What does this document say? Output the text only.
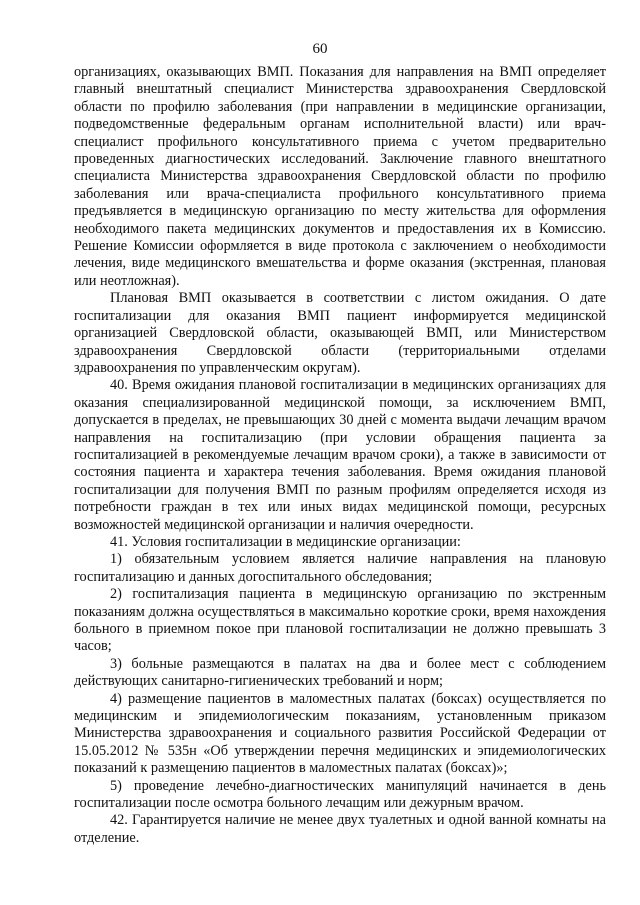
60

организациях, оказывающих ВМП. Показания для направления на ВМП определяет главный внештатный специалист Министерства здравоохранения Свердловской области по профилю заболевания (при направлении в медицинские организации, подведомственные федеральным органам исполнительной власти) или врач-специалист профильного консультативного приема с учетом предварительно проведенных диагностических исследований. Заключение главного внештатного специалиста Министерства здравоохранения Свердловской области по профилю заболевания или врача-специалиста профильного консультативного приема предъявляется в медицинскую организацию по месту жительства для оформления необходимого пакета медицинских документов и предоставления их в Комиссию. Решение Комиссии оформляется в виде протокола с заключением о необходимости лечения, виде медицинского вмешательства и форме оказания (экстренная, плановая или неотложная).

Плановая ВМП оказывается в соответствии с листом ожидания. О дате госпитализации для оказания ВМП пациент информируется медицинской организацией Свердловской области, оказывающей ВМП, или Министерством здравоохранения Свердловской области (территориальными отделами здравоохранения по управленческим округам).

40. Время ожидания плановой госпитализации в медицинских организациях для оказания специализированной медицинской помощи, за исключением ВМП, допускается в пределах, не превышающих 30 дней с момента выдачи лечащим врачом направления на госпитализацию (при условии обращения пациента за госпитализацией в рекомендуемые лечащим врачом сроки), а также в зависимости от состояния пациента и характера течения заболевания. Время ожидания плановой госпитализации для получения ВМП по разным профилям определяется исходя из потребности граждан в тех или иных видах медицинской помощи, ресурсных возможностей медицинской организации и наличия очередности.

41. Условия госпитализации в медицинские организации:

1) обязательным условием является наличие направления на плановую госпитализацию и данных догоспитального обследования;

2) госпитализация пациента в медицинскую организацию по экстренным показаниям должна осуществляться в максимально короткие сроки, время нахождения больного в приемном покое при плановой госпитализации не должно превышать 3 часов;

3) больные размещаются в палатах на два и более мест с соблюдением действующих санитарно-гигиенических требований и норм;

4) размещение пациентов в маломестных палатах (боксах) осуществляется по медицинским и эпидемиологическим показаниям, установленным приказом Министерства здравоохранения и социального развития Российской Федерации от 15.05.2012 № 535н «Об утверждении перечня медицинских и эпидемиологических показаний к размещению пациентов в маломестных палатах (боксах)»;

5) проведение лечебно-диагностических манипуляций начинается в день госпитализации после осмотра больного лечащим или дежурным врачом.

42. Гарантируется наличие не менее двух туалетных и одной ванной комнаты на отделение.
